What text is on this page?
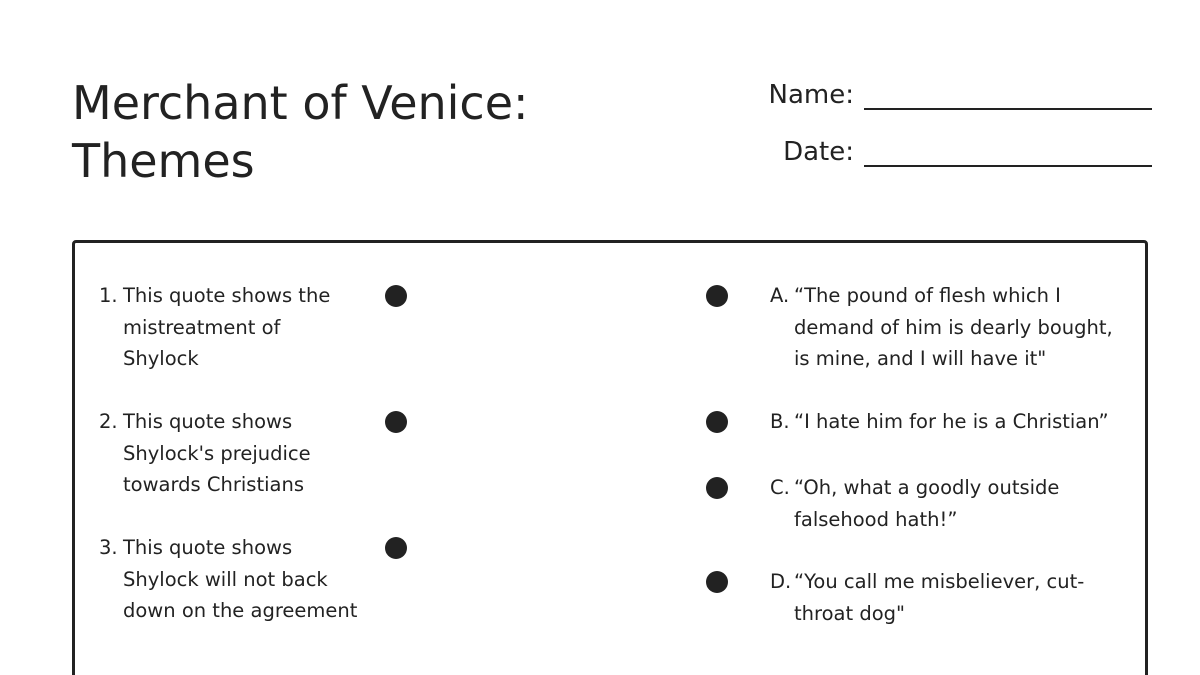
Merchant of Venice:
Themes
Name:
Date:
1. This quote shows the mistreatment of Shylock
2. This quote shows Shylock's prejudice towards Christians
3. This quote shows Shylock will not back down on the agreement
A. “The pound of flesh which I demand of him is dearly bought, is mine, and I will have it"
B. “I hate him for he is a Christian”
C. “Oh, what a goodly outside falsehood hath!”
D. “You call me misbeliever, cut-throat dog"
